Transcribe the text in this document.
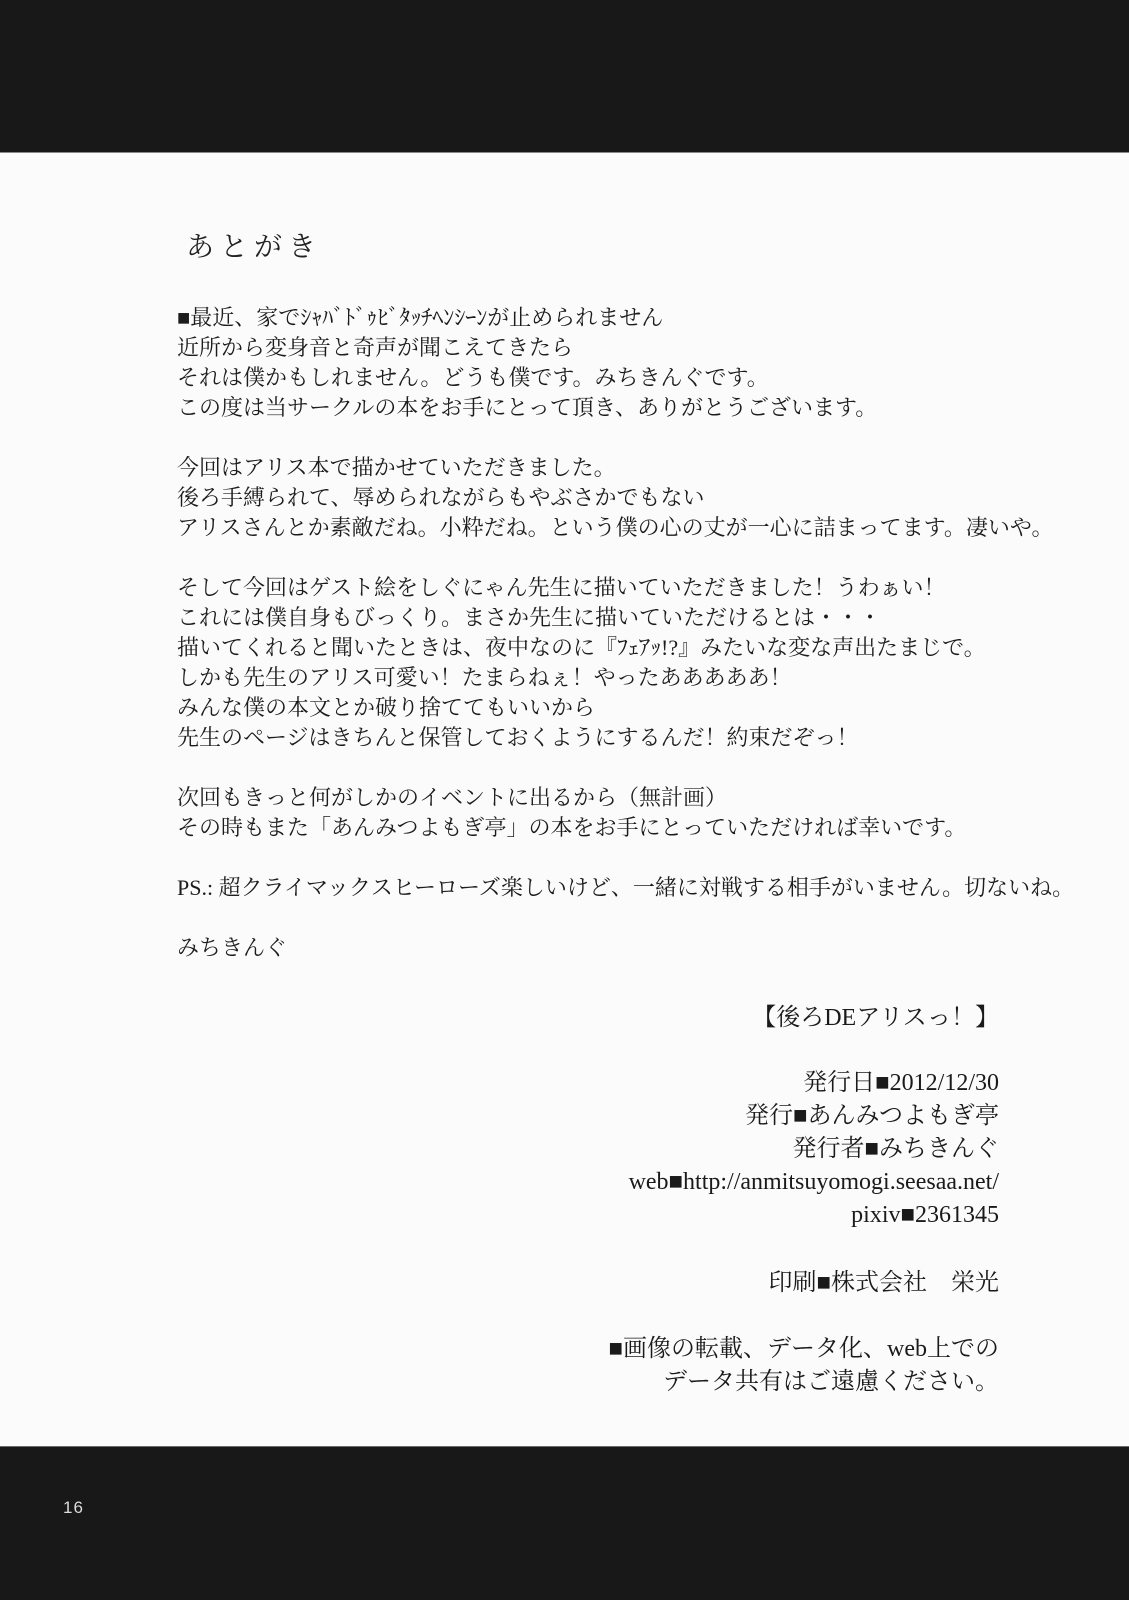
あとがき
■最近、家でｼｬﾊﾞﾄﾞｩﾋﾞﾀｯﾁﾍﾝｼｰﾝが止められません
近所から変身音と奇声が聞こえてきたら
それは僕かもしれません。どうも僕です。みちきんぐです。
この度は当サークルの本をお手にとって頂き、ありがとうございます。
今回はアリス本で描かせていただきました。
後ろ手縛られて、辱められながらもやぶさかでもない
アリスさんとか素敵だね。小粋だね。という僕の心の丈が一心に詰まってます。凄いや。
そして今回はゲスト絵をしぐにゃん先生に描いていただきました！うわぁい！
これには僕自身もびっくり。まさか先生に描いていただけるとは・・・
描いてくれると聞いたときは、夜中なのに『ﾌｪｱｯ!?』みたいな変な声出たまじで。
しかも先生のアリス可愛い！たまらねぇ！やったあああああ！
みんな僕の本文とか破り捨ててもいいから
先生のページはきちんと保管しておくようにするんだ！約束だぞっ！
次回もきっと何がしかのイベントに出るから（無計画）
その時もまた「あんみつよもぎ亭」の本をお手にとっていただければ幸いです。
PS.: 超クライマックスヒーローズ楽しいけど、一緒に対戦する相手がいません。切ないね。
みちきんぐ
【後ろDEアリスっ！】
発行日■2012/12/30
発行■あんみつよもぎ亭
発行者■みちきんぐ
web■http://anmitsuyomogi.seesaa.net/
pixiv■2361345
印刷■株式会社　栄光
■画像の転載、データ化、web上での
データ共有はご遠慮ください。
16
